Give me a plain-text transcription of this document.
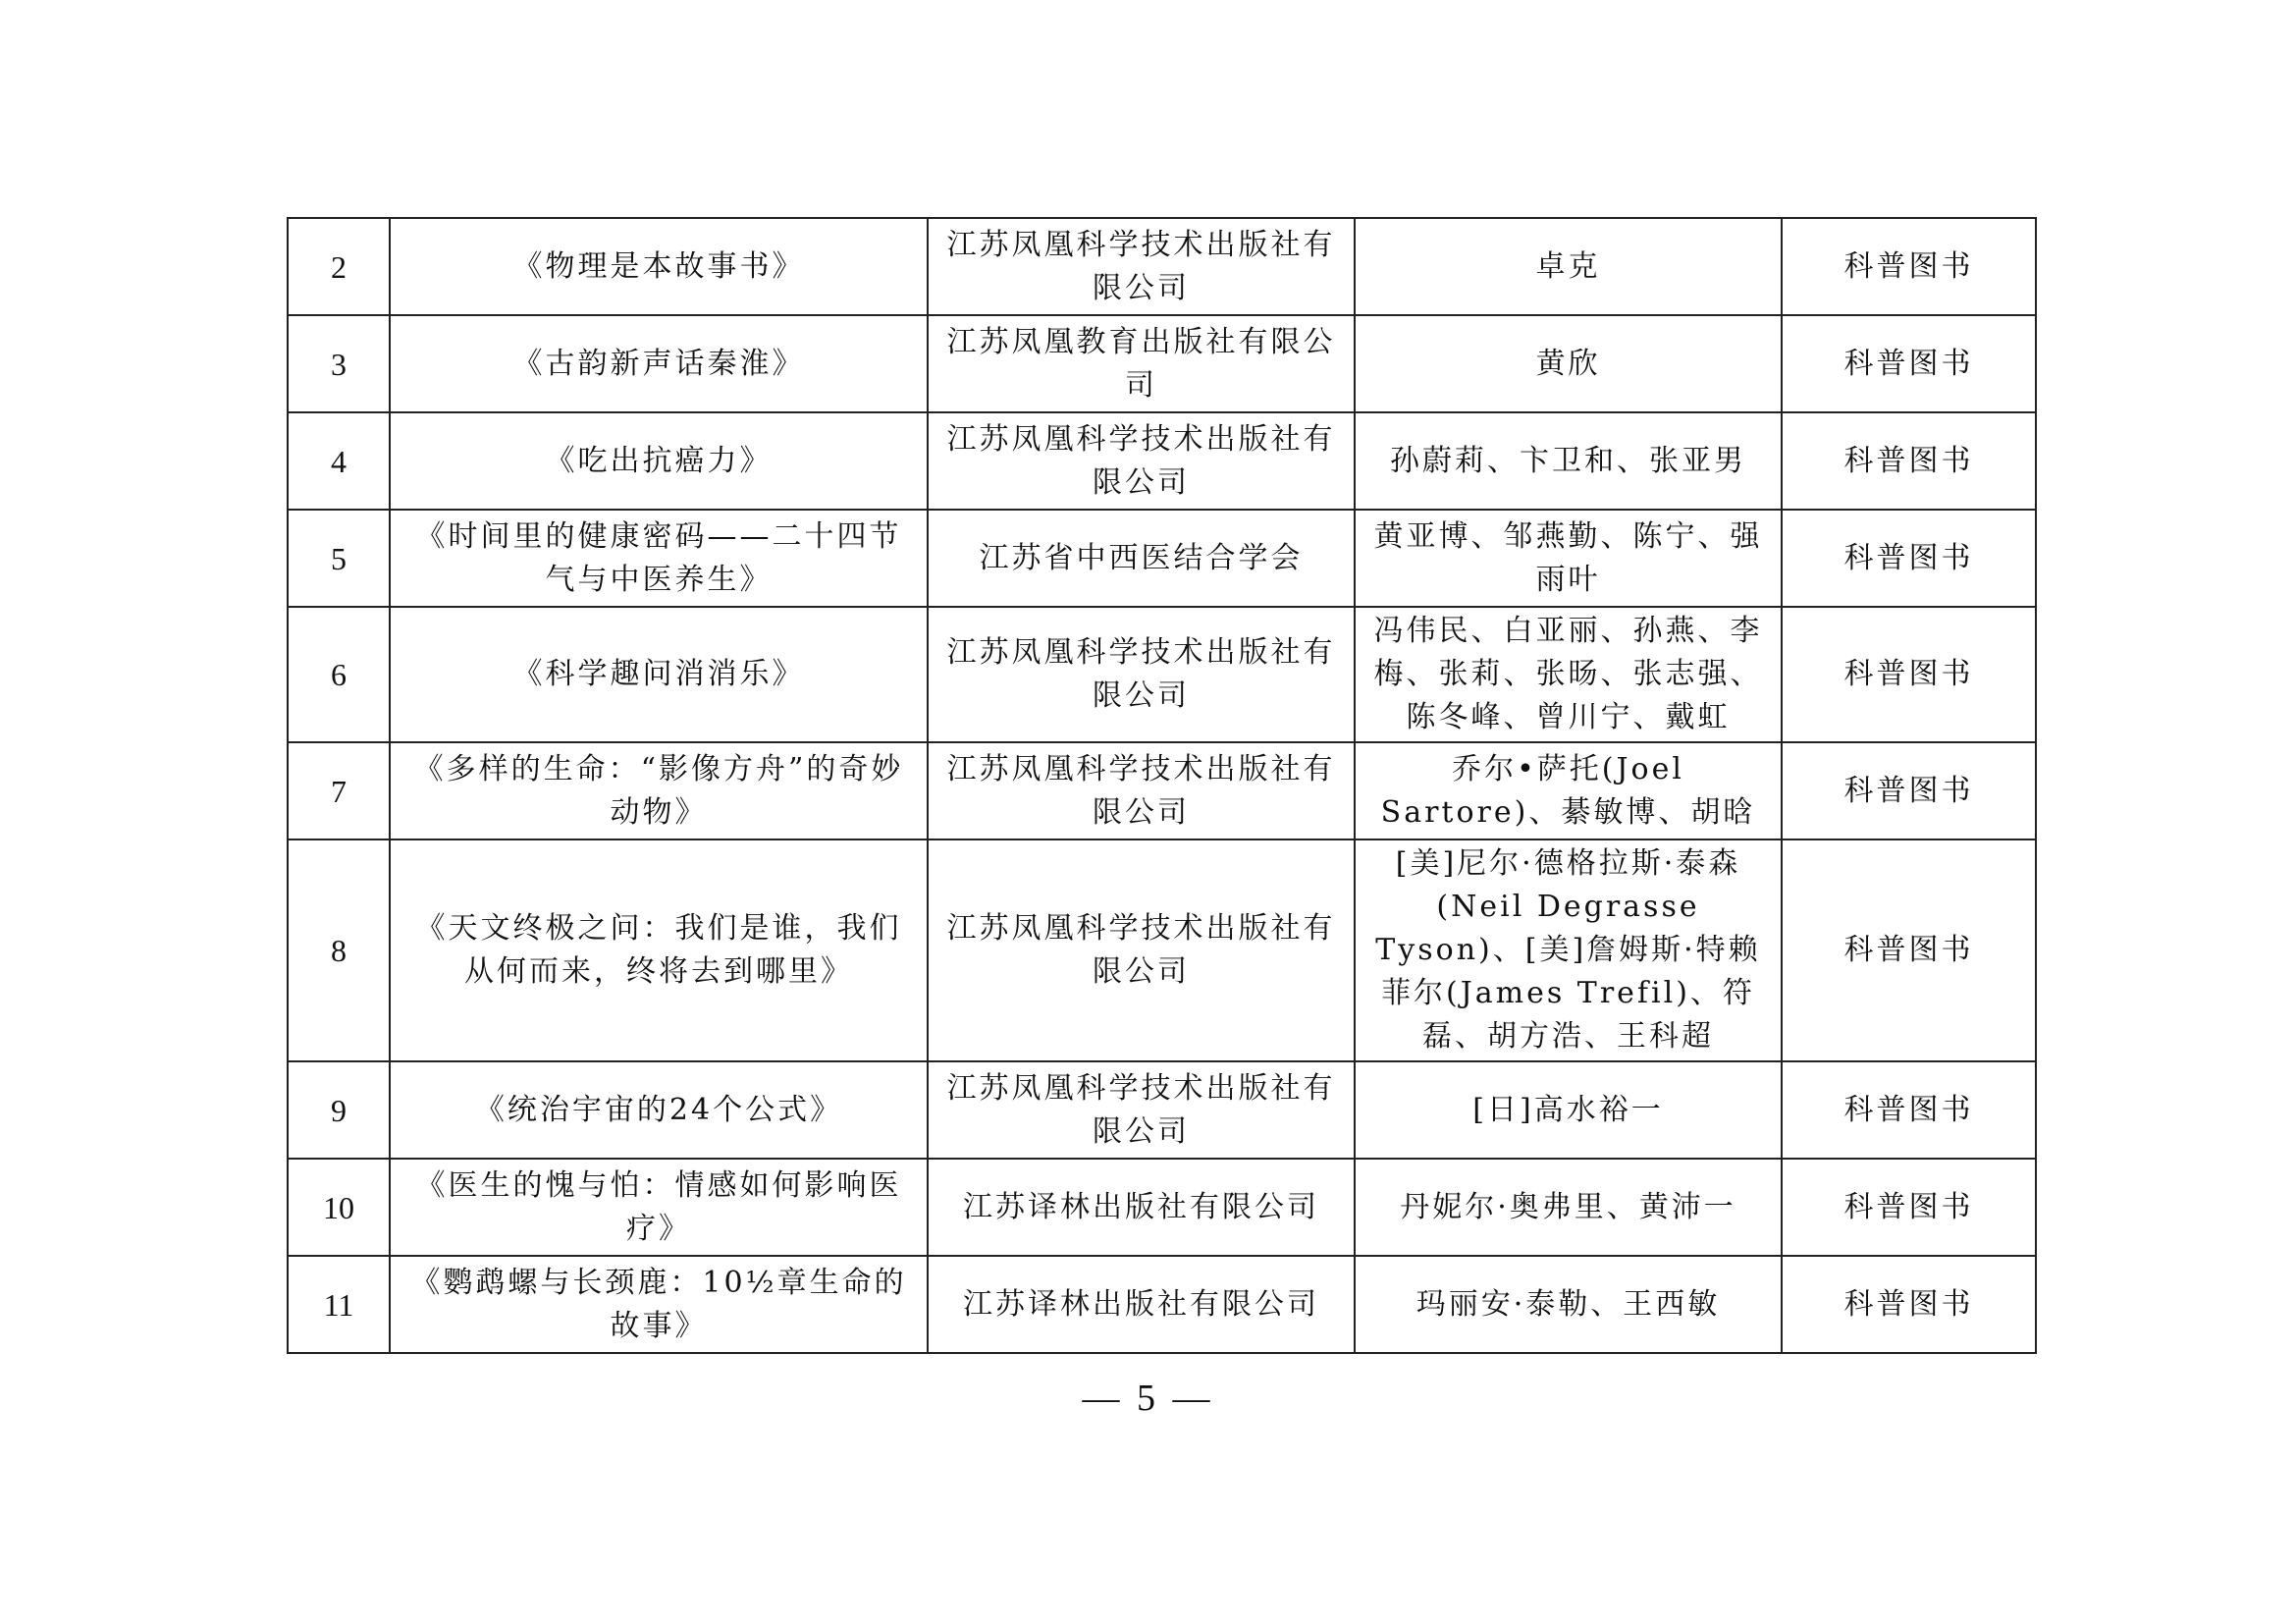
2	《物理是本故事书》	江苏凤凰科学技术出版社有限公司	卓克	科普图书
3	《古韵新声话秦淮》	江苏凤凰教育出版社有限公司	黄欣	科普图书
4	《吃出抗癌力》	江苏凤凰科学技术出版社有限公司	孙蔚莉、卞卫和、张亚男	科普图书
5	《时间里的健康密码——二十四节气与中医养生》	江苏省中西医结合学会	黄亚博、邹燕勤、陈宁、强雨叶	科普图书
6	《科学趣问消消乐》	江苏凤凰科学技术出版社有限公司	冯伟民、白亚丽、孙燕、李梅、张莉、张旸、张志强、陈冬峰、曾川宁、戴虹	科普图书
7	《多样的生命：“影像方舟”的奇妙动物》	江苏凤凰科学技术出版社有限公司	乔尔•萨托(Joel Sartore)、綦敏博、胡晗	科普图书
8	《天文终极之问：我们是谁，我们从何而来，终将去到哪里》	江苏凤凰科学技术出版社有限公司	[美]尼尔·德格拉斯·泰森(Neil Degrasse Tyson)、[美]詹姆斯·特赖菲尔(James Trefil)、符磊、胡方浩、王科超	科普图书
9	《统治宇宙的24个公式》	江苏凤凰科学技术出版社有限公司	[日]高水裕一	科普图书
10	《医生的愧与怕：情感如何影响医疗》	江苏译林出版社有限公司	丹妮尔·奥弗里、黄沛一	科普图书
11	《鹦鹉螺与长颈鹿：10½章生命的故事》	江苏译林出版社有限公司	玛丽安·泰勒、王西敏	科普图书
— 5 —
